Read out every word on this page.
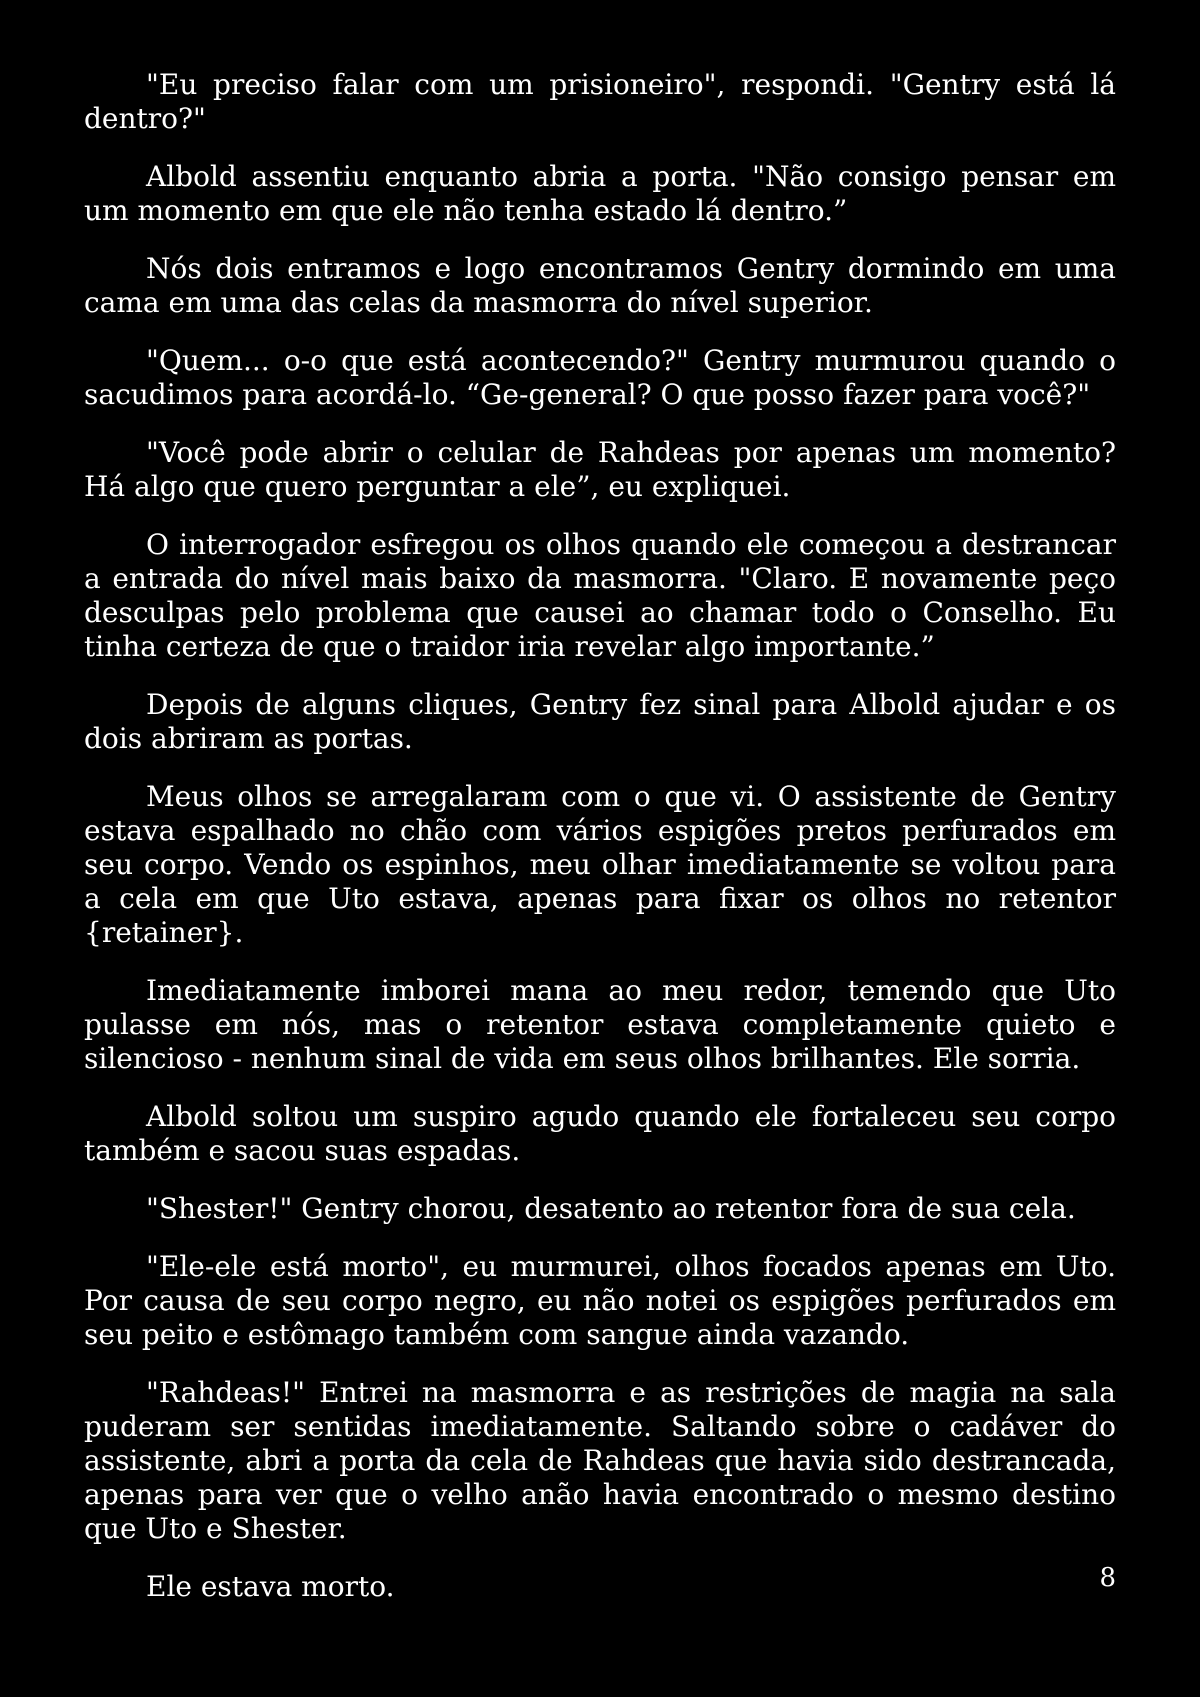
"Eu preciso falar com um prisioneiro", respondi. "Gentry está lá dentro?"

Albold assentiu enquanto abria a porta. "Não consigo pensar em um momento em que ele não tenha estado lá dentro.”

Nós dois entramos e logo encontramos Gentry dormindo em uma cama em uma das celas da masmorra do nível superior.

"Quem... o-o que está acontecendo?" Gentry murmurou quando o sacudimos para acordá-lo. “Ge-general? O que posso fazer para você?"

"Você pode abrir o celular de Rahdeas por apenas um momento? Há algo que quero perguntar a ele”, eu expliquei.

O interrogador esfregou os olhos quando ele começou a destrancar a entrada do nível mais baixo da masmorra. "Claro. E novamente peço desculpas pelo problema que causei ao chamar todo o Conselho. Eu tinha certeza de que o traidor iria revelar algo importante.”

Depois de alguns cliques, Gentry fez sinal para Albold ajudar e os dois abriram as portas.

Meus olhos se arregalaram com o que vi. O assistente de Gentry estava espalhado no chão com vários espigões pretos perfurados em seu corpo. Vendo os espinhos, meu olhar imediatamente se voltou para a cela em que Uto estava, apenas para fixar os olhos no retentor {retainer}.

Imediatamente imborei mana ao meu redor, temendo que Uto pulasse em nós, mas o retentor estava completamente quieto e silencioso - nenhum sinal de vida em seus olhos brilhantes. Ele sorria.

Albold soltou um suspiro agudo quando ele fortaleceu seu corpo também e sacou suas espadas.

"Shester!" Gentry chorou, desatento ao retentor fora de sua cela.

"Ele-ele está morto", eu murmurei, olhos focados apenas em Uto. Por causa de seu corpo negro, eu não notei os espigões perfurados em seu peito e estômago também com sangue ainda vazando.

"Rahdeas!" Entrei na masmorra e as restrições de magia na sala puderam ser sentidas imediatamente. Saltando sobre o cadáver do assistente, abri a porta da cela de Rahdeas que havia sido destrancada, apenas para ver que o velho anão havia encontrado o mesmo destino que Uto e Shester.

Ele estava morto.	8
